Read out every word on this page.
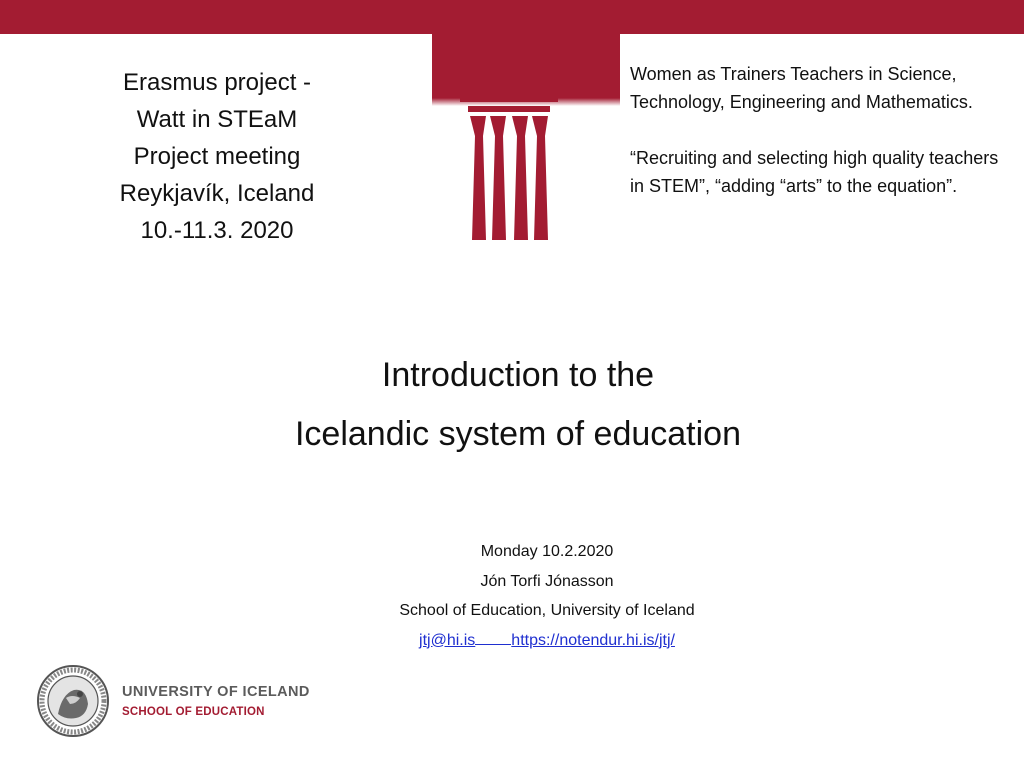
Erasmus project -
Watt in STEaM
Project meeting
Reykjavík, Iceland
10.-11.3. 2020

Women as Trainers Teachers in Science, Technology, Engineering and Mathematics.

“Recruiting and selecting high quality teachers in STEM”, “adding “arts” to the equation”.

Introduction to the
Icelandic system of education
Monday 10.2.2020
Jón Torfi Jónasson
School of Education, University of Iceland
jtj@hi.is https://notendur.hi.is/jtj/
UNIVERSITY OF ICELAND
SCHOOL OF EDUCATION
